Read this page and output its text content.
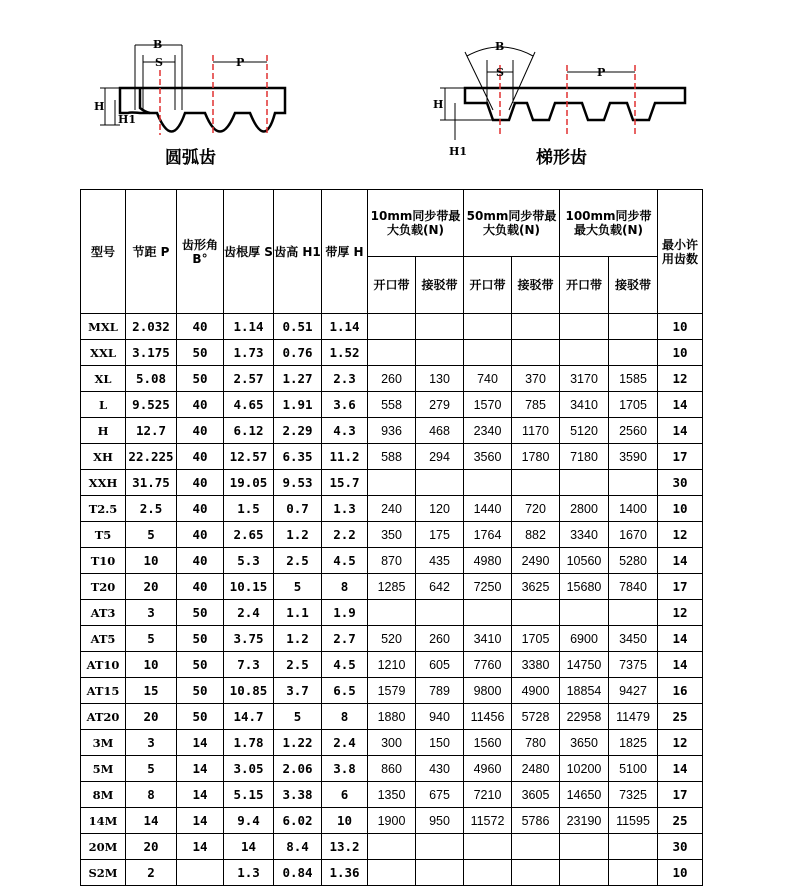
B
S	P
H
H1
圆弧齿
B
S	P
H
H1	梯形齿
型号	节距 P	齿形角 B°	齿根厚 S	齿高 H1	带厚 H	10mm同步带最大负载(N)		50mm同步带最大负载(N)		100mm同步带最大负载(N)		最小许用齿数
						开口带	接驳带	开口带	接驳带	开口带	接驳带	
MXL	2.032	40	1.14	0.51	1.14							10
XXL	3.175	50	1.73	0.76	1.52							10
XL	5.08	50	2.57	1.27	2.3	260	130	740	370	3170	1585	12
L	9.525	40	4.65	1.91	3.6	558	279	1570	785	3410	1705	14
H	12.7	40	6.12	2.29	4.3	936	468	2340	1170	5120	2560	14
XH	22.225	40	12.57	6.35	11.2	588	294	3560	1780	7180	3590	17
XXH	31.75	40	19.05	9.53	15.7							30
T2.5	2.5	40	1.5	0.7	1.3	240	120	1440	720	2800	1400	10
T5	5	40	2.65	1.2	2.2	350	175	1764	882	3340	1670	12
T10	10	40	5.3	2.5	4.5	870	435	4980	2490	10560	5280	14
T20	20	40	10.15	5	8	1285	642	7250	3625	15680	7840	17
AT3	3	50	2.4	1.1	1.9							12
AT5	5	50	3.75	1.2	2.7	520	260	3410	1705	6900	3450	14
AT10	10	50	7.3	2.5	4.5	1210	605	7760	3380	14750	7375	14
AT15	15	50	10.85	3.7	6.5	1579	789	9800	4900	18854	9427	16
AT20	20	50	14.7	5	8	1880	940	11456	5728	22958	11479	25
3M	3	14	1.78	1.22	2.4	300	150	1560	780	3650	1825	12
5M	5	14	3.05	2.06	3.8	860	430	4960	2480	10200	5100	14
8M	8	14	5.15	3.38	6	1350	675	7210	3605	14650	7325	17
14M	14	14	9.4	6.02	10	1900	950	11572	5786	23190	11595	25
20M	20	14	14	8.4	13.2							30
S2M	2		1.3	0.84	1.36							10
